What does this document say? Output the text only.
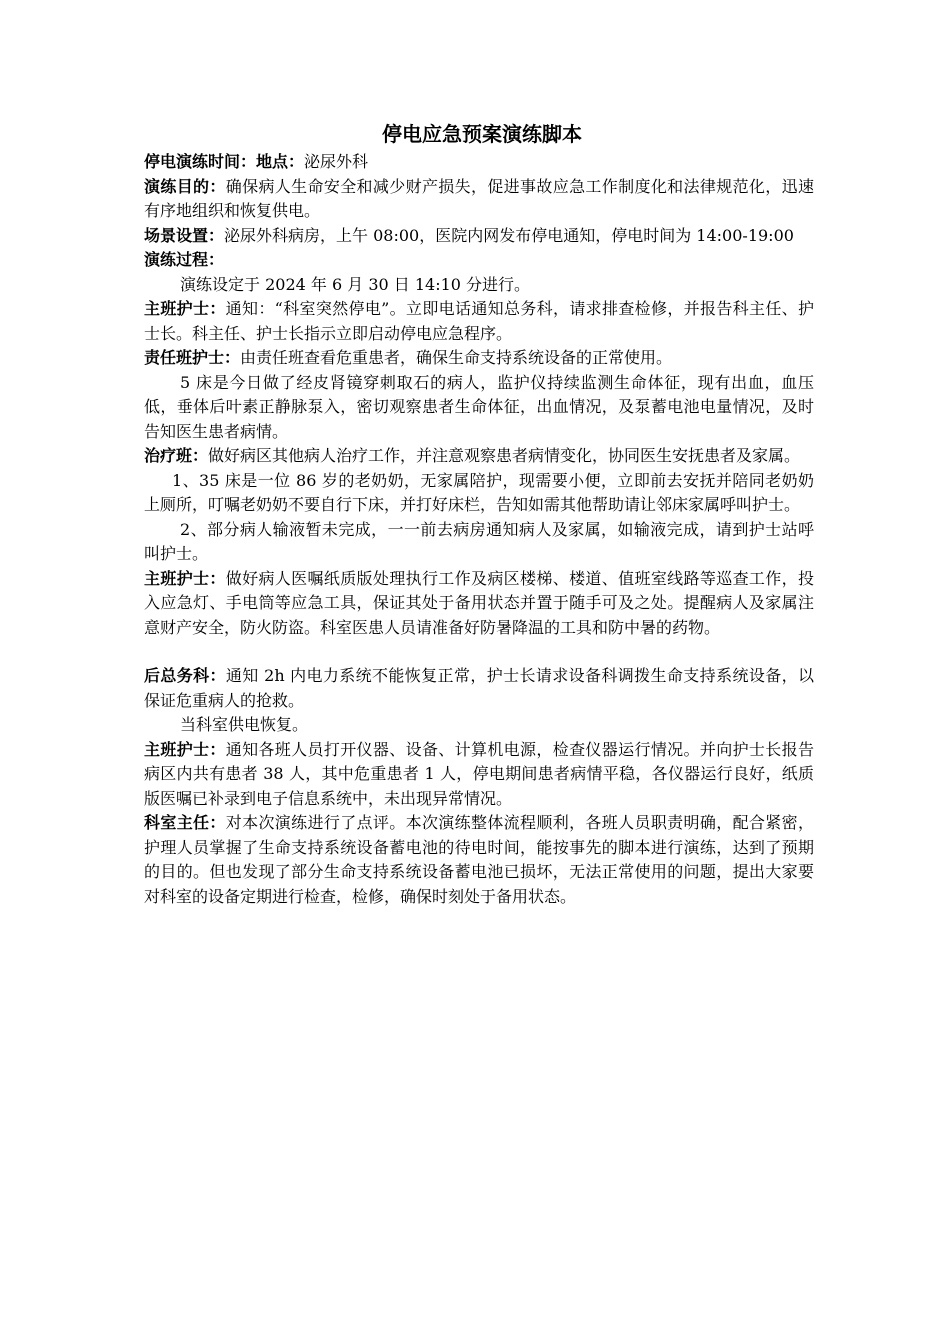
停电应急预案演练脚本

停电演练时间：地点：泌尿外科

演练目的：确保病人生命安全和减少财产损失，促进事故应急工作制度化和法律规范化，迅速有序地组织和恢复供电。

场景设置：泌尿外科病房，上午 08:00，医院内网发布停电通知，停电时间为 14:00-19:00

演练过程：

演练设定于 2024 年 6 月 30 日 14:10 分进行。

主班护士：通知：“科室突然停电”。立即电话通知总务科，请求排查检修，并报告科主任、护士长。科主任、护士长指示立即启动停电应急程序。

责任班护士：由责任班查看危重患者，确保生命支持系统设备的正常使用。

5 床是今日做了经皮肾镜穿刺取石的病人，监护仪持续监测生命体征，现有出血，血压低，垂体后叶素正静脉泵入，密切观察患者生命体征，出血情况，及泵蓄电池电量情况，及时告知医生患者病情。

治疗班：做好病区其他病人治疗工作，并注意观察患者病情变化，协同医生安抚患者及家属。

1、35 床是一位 86 岁的老奶奶，无家属陪护，现需要小便，立即前去安抚并陪同老奶奶上厕所，叮嘱老奶奶不要自行下床，并打好床栏，告知如需其他帮助请让邻床家属呼叫护士。

2、部分病人输液暂未完成，一一前去病房通知病人及家属，如输液完成，请到护士站呼叫护士。

主班护士：做好病人医嘱纸质版处理执行工作及病区楼梯、楼道、值班室线路等巡查工作，投入应急灯、手电筒等应急工具，保证其处于备用状态并置于随手可及之处。提醒病人及家属注意财产安全，防火防盗。科室医患人员请准备好防暑降温的工具和防中暑的药物。

后总务科：通知 2h 内电力系统不能恢复正常，护士长请求设备科调拨生命支持系统设备，以保证危重病人的抢救。

当科室供电恢复。

主班护士：通知各班人员打开仪器、设备、计算机电源，检查仪器运行情况。并向护士长报告病区内共有患者 38 人，其中危重患者 1 人，停电期间患者病情平稳，各仪器运行良好，纸质版医嘱已补录到电子信息系统中，未出现异常情况。

科室主任：对本次演练进行了点评。本次演练整体流程顺利，各班人员职责明确，配合紧密，护理人员掌握了生命支持系统设备蓄电池的待电时间，能按事先的脚本进行演练，达到了预期的目的。但也发现了部分生命支持系统设备蓄电池已损坏，无法正常使用的问题，提出大家要对科室的设备定期进行检查，检修，确保时刻处于备用状态。
